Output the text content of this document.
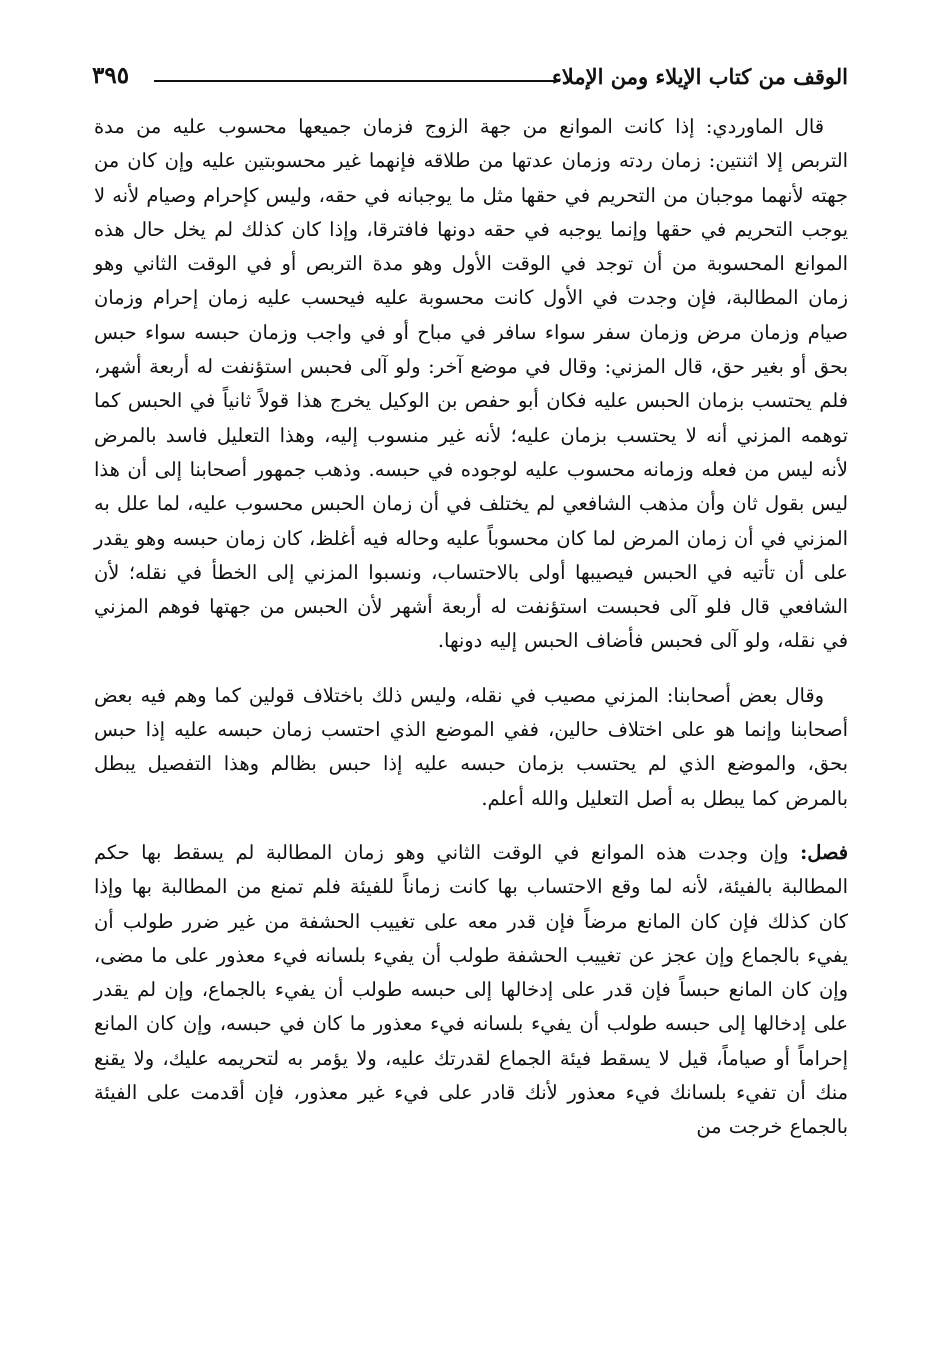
الوقف من كتاب الإيلاء ومن الإملاء
٣٩٥

قال الماوردي: إذا كانت الموانع من جهة الزوج فزمان جميعها محسوب عليه من مدة التربص إلا اثنتين: زمان ردته وزمان عدتها من طلاقه فإنهما غير محسوبتين عليه وإن كان من جهته لأنهما موجبان من التحريم في حقها مثل ما يوجبانه في حقه، وليس كإحرام وصيام لأنه لا يوجب التحريم في حقها وإنما يوجبه في حقه دونها فافترقا، وإذا كان كذلك لم يخل حال هذه الموانع المحسوبة من أن توجد في الوقت الأول وهو مدة التربص أو في الوقت الثاني وهو زمان المطالبة، فإن وجدت في الأول كانت محسوبة عليه فيحسب عليه زمان إحرام وزمان صيام وزمان مرض وزمان سفر سواء سافر في مباح أو في واجب وزمان حبسه سواء حبس بحق أو بغير حق، قال المزني: وقال في موضع آخر: ولو آلى فحبس استؤنفت له أربعة أشهر، فلم يحتسب بزمان الحبس عليه فكان أبو حفص بن الوكيل يخرج هذا قولاً ثانياً في الحبس كما توهمه المزني أنه لا يحتسب بزمان عليه؛ لأنه غير منسوب إليه، وهذا التعليل فاسد بالمرض لأنه ليس من فعله وزمانه محسوب عليه لوجوده في حبسه. وذهب جمهور أصحابنا إلى أن هذا ليس بقول ثان وأن مذهب الشافعي لم يختلف في أن زمان الحبس محسوب عليه، لما علل به المزني في أن زمان المرض لما كان محسوباً عليه وحاله فيه أغلظ، كان زمان حبسه وهو يقدر على أن تأتيه في الحبس فيصيبها أولى بالاحتساب، ونسبوا المزني إلى الخطأ في نقله؛ لأن الشافعي قال فلو آلى فحبست استؤنفت له أربعة أشهر لأن الحبس من جهتها فوهم المزني في نقله، ولو آلى فحبس فأضاف الحبس إليه دونها.

وقال بعض أصحابنا: المزني مصيب في نقله، وليس ذلك باختلاف قولين كما وهم فيه بعض أصحابنا وإنما هو على اختلاف حالين، ففي الموضع الذي احتسب زمان حبسه عليه إذا حبس بحق، والموضع الذي لم يحتسب بزمان حبسه عليه إذا حبس بظالم وهذا التفصيل يبطل بالمرض كما يبطل به أصل التعليل والله أعلم.

فصل: وإن وجدت هذه الموانع في الوقت الثاني وهو زمان المطالبة لم يسقط بها حكم المطالبة بالفيئة، لأنه لما وقع الاحتساب بها كانت زماناً للفيئة فلم تمنع من المطالبة بها وإذا كان كذلك فإن كان المانع مرضاً فإن قدر معه على تغييب الحشفة من غير ضرر طولب أن يفيء بالجماع وإن عجز عن تغييب الحشفة طولب أن يفيء بلسانه فيء معذور على ما مضى، وإن كان المانع حبساً فإن قدر على إدخالها إلى حبسه طولب أن يفيء بالجماع، وإن لم يقدر على إدخالها إلى حبسه طولب أن يفيء بلسانه فيء معذور ما كان في حبسه، وإن كان المانع إحراماً أو صياماً، قيل لا يسقط فيئة الجماع لقدرتك عليه، ولا يؤمر به لتحريمه عليك، ولا يقنع منك أن تفيء بلسانك فيء معذور لأنك قادر على فيء غير معذور، فإن أقدمت على الفيئة بالجماع خرجت من
